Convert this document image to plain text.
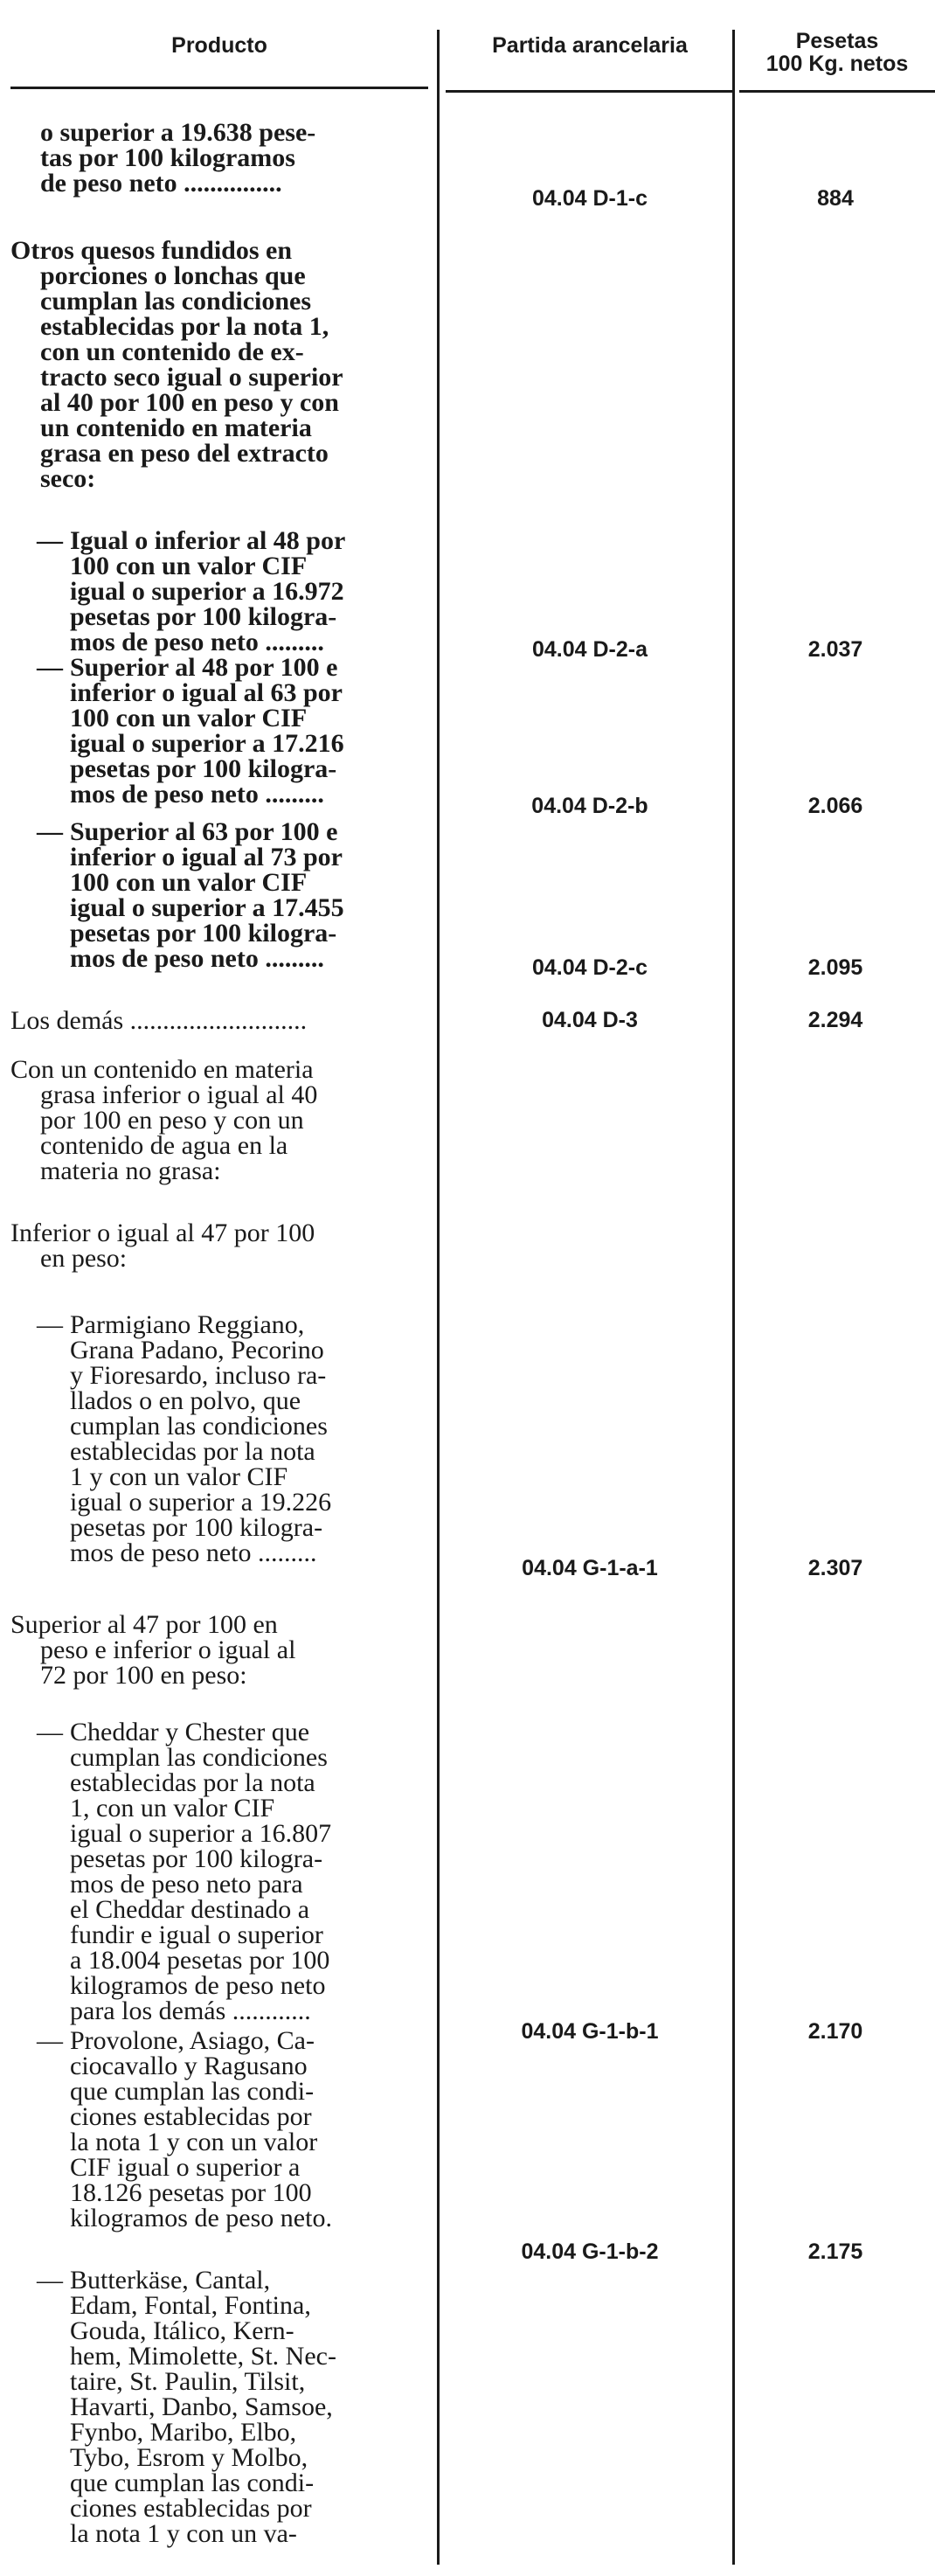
Producto	Partida arancelaria	Pesetas
100 Kg. netos

o superior a 19.638 pese-

tas por 100 kilogramos

de peso neto ...............

04.04 D-1-c	884

Otros quesos fundidos en

porciones o lonchas que

cumplan las condiciones

establecidas por la nota 1,

con un contenido de ex-

tracto seco igual o superior

al 40 por 100 en peso y con

un contenido en materia

grasa en peso del extracto

seco:

— Igual o inferior al 48 por

100 con un valor CIF

igual o superior a 16.972

pesetas por 100 kilogra-

mos de peso neto .........	04.04 D-2-a	2.037

— Superior al 48 por 100 e

inferior o igual al 63 por

100 con un valor CIF

igual o superior a 17.216

pesetas por 100 kilogra-

mos de peso neto .........	04.04 D-2-b	2.066

— Superior al 63 por 100 e

inferior o igual al 73 por

100 con un valor CIF

igual o superior a 17.455

pesetas por 100 kilogra-

mos de peso neto .........	04.04 D-2-c	2.095

Los demás ...........................	04.04 D-3	2.294

Con un contenido en materia

grasa inferior o igual al 40

por 100 en peso y con un

contenido de agua en la

materia no grasa:

Inferior o igual al 47 por 100

en peso:

— Parmigiano Reggiano,

Grana Padano, Pecorino

y Fioresardo, incluso ra-

llados o en polvo, que

cumplan las condiciones

establecidas por la nota

1 y con un valor CIF

igual o superior a 19.226

pesetas por 100 kilogra-

mos de peso neto .........

04.04 G-1-a-1	2.307

Superior al 47 por 100 en

peso e inferior o igual al

72 por 100 en peso:

— Cheddar y Chester que

cumplan las condiciones

establecidas por la nota

1, con un valor CIF

igual o superior a 16.807

pesetas por 100 kilogra-

mos de peso neto para

el Cheddar destinado a

fundir e igual o superior

a 18.004 pesetas por 100

kilogramos de peso neto

para los demás ............

04.04 G-1-b-1	2.170

— Provolone, Asiago, Ca-

ciocavallo y Ragusano

que cumplan las condi-

ciones establecidas por

la nota 1 y con un valor

CIF igual o superior a

18.126 pesetas por 100

kilogramos de peso neto.

04.04 G-1-b-2	2.175

— Butterkäse, Cantal,

Edam, Fontal, Fontina,

Gouda, Itálico, Kern-

hem, Mimolette, St. Nec-

taire, St. Paulin, Tilsit,

Havarti, Danbo, Samsoe,

Fynbo, Maribo, Elbo,

Tybo, Esrom y Molbo,

que cumplan las condi-

ciones establecidas por

la nota 1 y con un va-
